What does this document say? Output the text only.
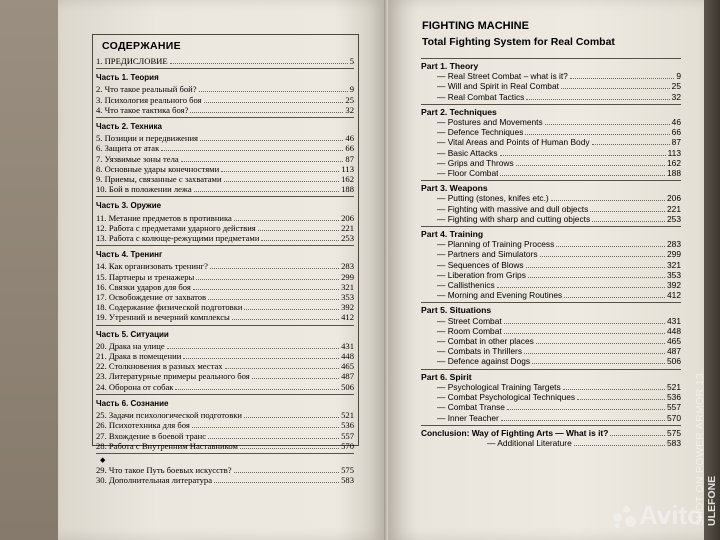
СОДЕРЖАНИЕ
1. ПРЕДИСЛОВИЕ	5
Часть 1. Теория
2. Что такое реальный бой?	9
3. Психология реального боя	25
4. Что такое тактика боя?	32
Часть 2. Техника
5. Позиции и передвижения	46
6. Защита от атак	66
7. Уязвимые зоны тела	87
8. Основные удары конечностями	113
9. Приемы, связанные с захватами	162
10. Бой в положении лежа	188
Часть 3. Оружие
11. Метание предметов в противника	206
12. Работа с предметами ударного действия	221
13. Работа с колюще-режущими предметами	253
Часть 4. Тренинг
14. Как организовать тренинг?	283
15. Партнеры и тренажеры	299
16. Связки ударов для боя	321
17. Освобождение от захватов	353
18. Содержание физической подготовки	392
19. Утренний и вечерний комплексы	412
Часть 5. Ситуации
20. Драка на улице	431
21. Драка в помещении	448
22. Столкновения в разных местах	465
23. Литературные примеры реального боя	487
24. Оборона от собак	506
Часть 6. Сознание
25. Задачи психологической подготовки	521
26. Психотехника для боя	536
27. Вхождение в боевой транс	557
28. Работа с Внутренним Наставником	570
◆
29. Что такое Путь боевых искусств?	575
30. Дополнительная литература	583
FIGHTING MACHINE
Total Fighting System for Real Combat
Part 1. Theory
— Real Street Combat – what is it?	9
— Will and Spirit in Real Combat	25
— Real Combat Tactics	32
Part 2. Techniques
— Postures and Movements	46
— Defence Techniques	66
— Vital Areas and Points of Human Body	87
— Basic Attacks	113
— Grips and Throws	162
— Floor Combat	188
Part 3. Weapons
— Putting (stones, knifes etc.)	206
— Fighting with massive and dull objects	221
— Fighting with sharp and cutting objects	253
Part 4. Training
— Planning of Training Process	283
— Partners and Simulators	299
— Sequences of Blows	321
— Liberation from Grips	353
— Callisthenics	392
— Morning and Evening Routines	412
Part 5. Situations
— Street Combat	431
— Room Combat	448
— Combat in other places	465
— Combats in Thrillers	487
— Defence against Dogs	506
Part 6. Spirit
— Psychological Training Targets	521
— Combat Psychological Techniques	536
— Combat Transe	557
— Inner Teacher	570
Conclusion: Way of Fighting Arts — What is it?	575
— Additional Literature	583 SHOT ON POWER ARMOR 13 ULEFONE
Avito
